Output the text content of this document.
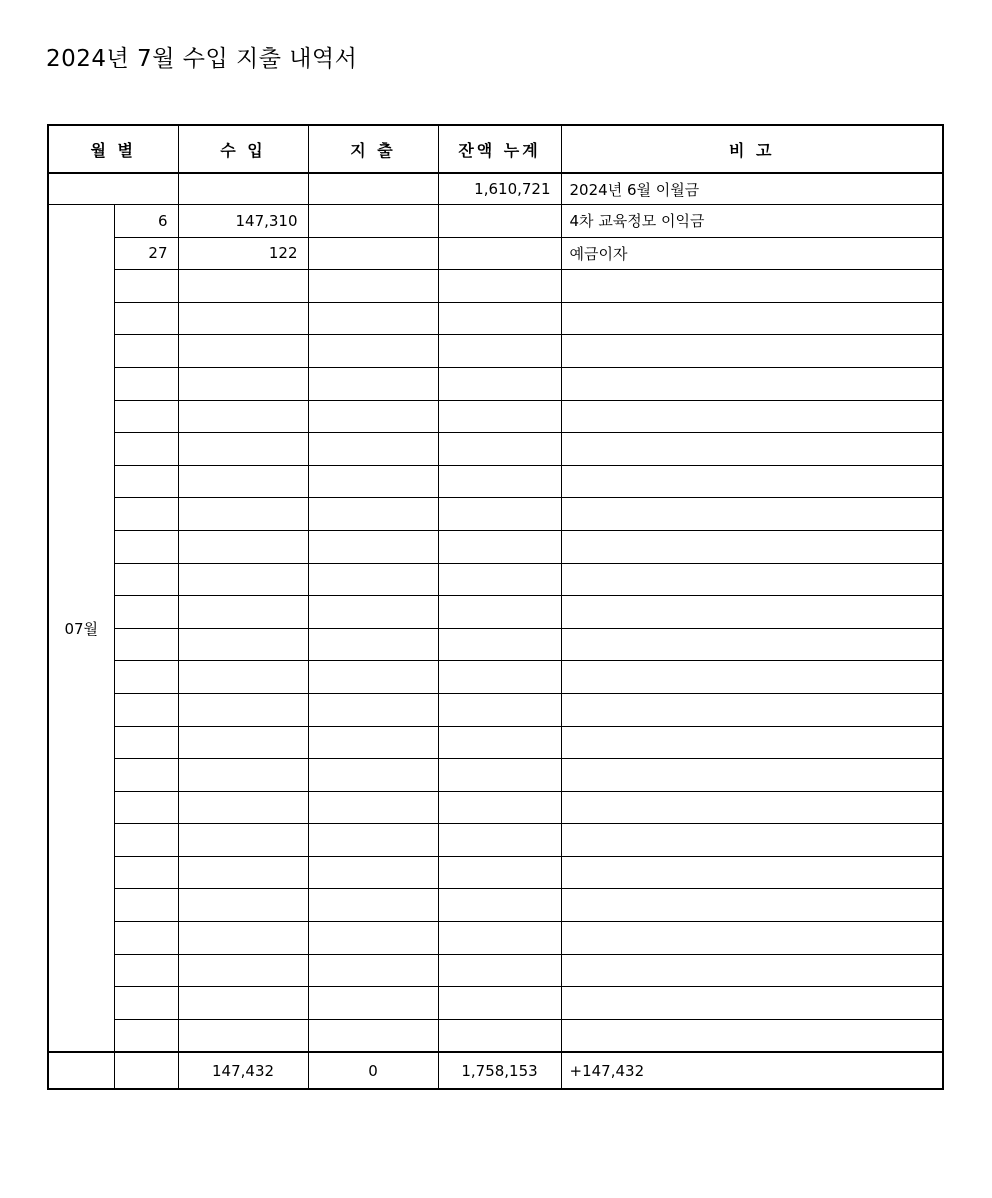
2024년 7월 수입 지출 내역서
월 별		수 입	지 출	잔액 누계	비 고
				1,610,721	2024년 6월 이월금
07월	6	147,310			4차 교육정모 이익금
	27	122			예금이자

		147,432	0	1,758,153	+147,432
